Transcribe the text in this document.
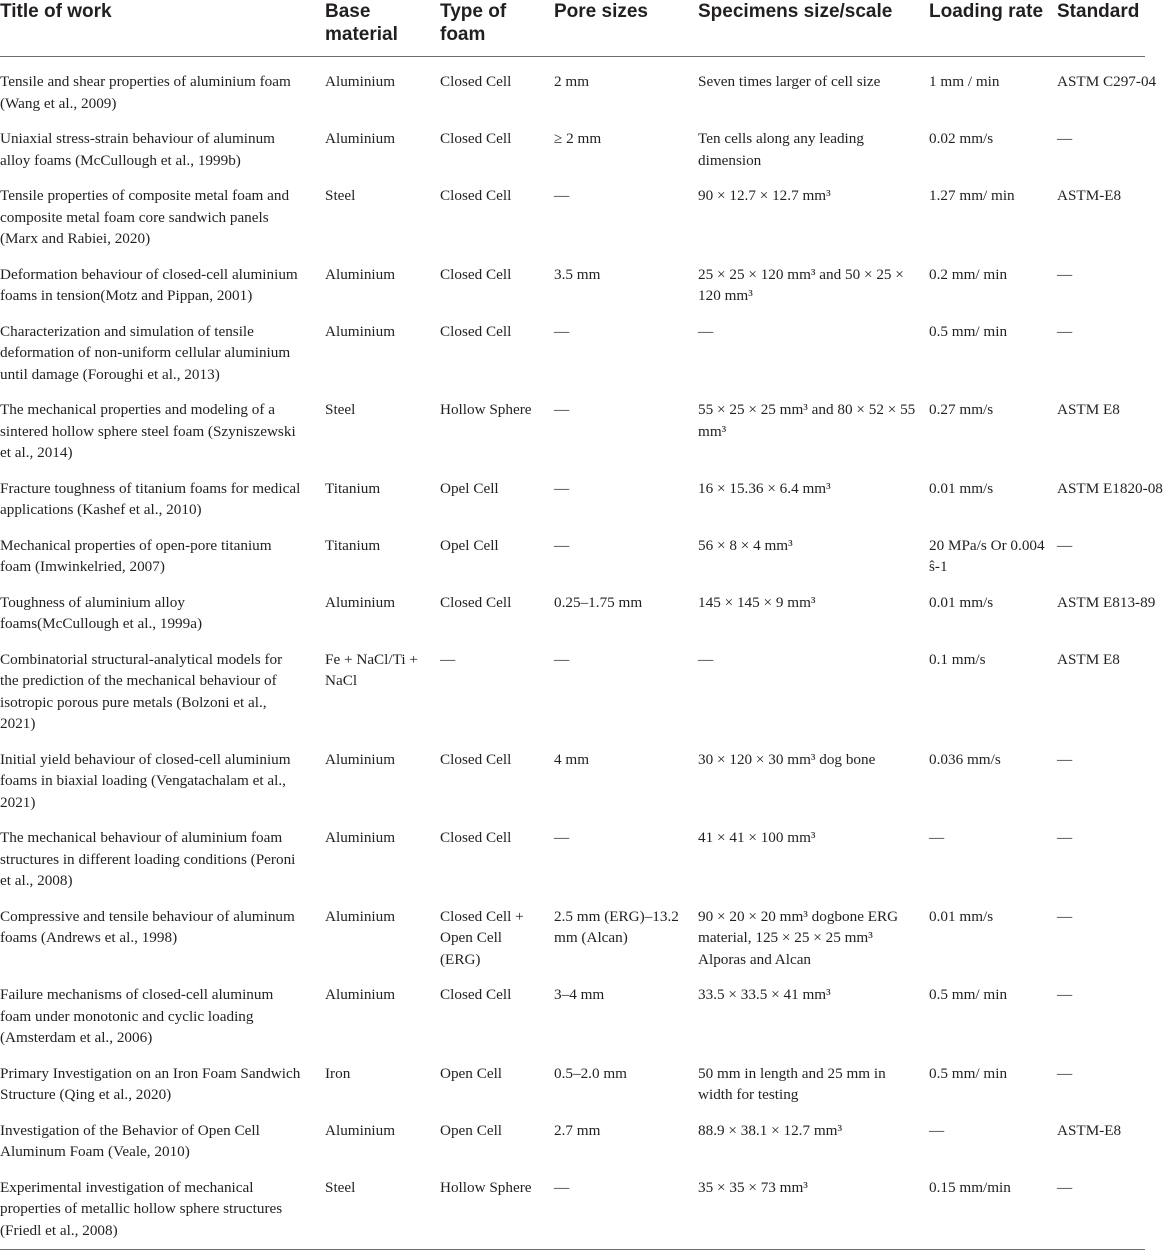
Title of work	Base material	Type of foam	Pore sizes	Specimens size/scale	Loading rate	Standard
Tensile and shear properties of aluminium foam (Wang et al., 2009)	Aluminium	Closed Cell	2 mm	Seven times larger of cell size	1 mm / min	ASTM C297-04
Uniaxial stress-strain behaviour of aluminum alloy foams (McCullough et al., 1999b)	Aluminium	Closed Cell	≥ 2 mm	Ten cells along any leading dimension	0.02 mm/s	—
Tensile properties of composite metal foam and composite metal foam core sandwich panels (Marx and Rabiei, 2020)	Steel	Closed Cell	—	90 × 12.7 × 12.7 mm³	1.27 mm/ min	ASTM-E8
Deformation behaviour of closed-cell aluminium foams in tension(Motz and Pippan, 2001)	Aluminium	Closed Cell	3.5 mm	25 × 25 × 120 mm³ and 50 × 25 × 120 mm³	0.2 mm/ min	—
Characterization and simulation of tensile deformation of non-uniform cellular aluminium until damage (Foroughi et al., 2013)	Aluminium	Closed Cell	—	—	0.5 mm/ min	—
The mechanical properties and modeling of a sintered hollow sphere steel foam (Szyniszewski et al., 2014)	Steel	Hollow Sphere	—	55 × 25 × 25 mm³ and 80 × 52 × 55 mm³	0.27 mm/s	ASTM E8
Fracture toughness of titanium foams for medical applications (Kashef et al., 2010)	Titanium	Opel Cell	—	16 × 15.36 × 6.4 mm³	0.01 mm/s	ASTM E1820-08
Mechanical properties of open-pore titanium foam (Imwinkelried, 2007)	Titanium	Opel Cell	—	56 × 8 × 4 mm³	20 MPa/s Or 0.004 ŝ-1	—
Toughness of aluminium alloy foams(McCullough et al., 1999a)	Aluminium	Closed Cell	0.25–1.75 mm	145 × 145 × 9 mm³	0.01 mm/s	ASTM E813-89
Combinatorial structural-analytical models for the prediction of the mechanical behaviour of isotropic porous pure metals (Bolzoni et al., 2021)	Fe + NaCl/Ti + NaCl	—	—	—	0.1 mm/s	ASTM E8
Initial yield behaviour of closed-cell aluminium foams in biaxial loading (Vengatachalam et al., 2021)	Aluminium	Closed Cell	4 mm	30 × 120 × 30 mm³ dog bone	0.036 mm/s	—
The mechanical behaviour of aluminium foam structures in different loading conditions (Peroni et al., 2008)	Aluminium	Closed Cell	—	41 × 41 × 100 mm³	—	—
Compressive and tensile behaviour of aluminum foams (Andrews et al., 1998)	Aluminium	Closed Cell + Open Cell (ERG)	2.5 mm (ERG)–13.2 mm (Alcan)	90 × 20 × 20 mm³ dogbone ERG material, 125 × 25 × 25 mm³ Alporas and Alcan	0.01 mm/s	—
Failure mechanisms of closed-cell aluminum foam under monotonic and cyclic loading (Amsterdam et al., 2006)	Aluminium	Closed Cell	3–4 mm	33.5 × 33.5 × 41 mm³	0.5 mm/ min	—
Primary Investigation on an Iron Foam Sandwich Structure (Qing et al., 2020)	Iron	Open Cell	0.5–2.0 mm	50 mm in length and 25 mm in width for testing	0.5 mm/ min	—
Investigation of the Behavior of Open Cell Aluminum Foam (Veale, 2010)	Aluminium	Open Cell	2.7 mm	88.9 × 38.1 × 12.7 mm³	—	ASTM-E8
Experimental investigation of mechanical properties of metallic hollow sphere structures (Friedl et al., 2008)	Steel	Hollow Sphere	—	35 × 35 × 73 mm³	0.15 mm/min	—
